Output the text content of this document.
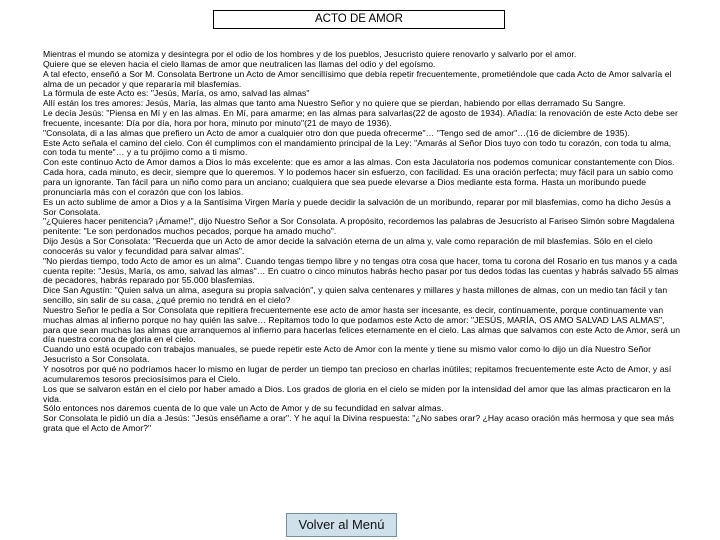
ACTO DE AMOR

Mientras el mundo se atomiza y desintegra por el odio de los hombres y de los pueblos, Jesucristo quiere renovarlo y salvarlo por el amor.

Quiere que se eleven hacia el cielo llamas de amor que neutralicen las llamas del odio y del egoísmo.

A tal efecto, enseñó a Sor M. Consolata Bertrone un Acto de Amor sencillísimo que debía repetir frecuentemente, prometiéndole que cada Acto de Amor salvaría el alma de un pecador y que repararía mil blasfemias.

La fórmula de este Acto es: "Jesús, María, os amo, salvad las almas"

Allí están los tres amores: Jesús, María, las almas que tanto ama Nuestro Señor y no quiere que se pierdan, habiendo por ellas derramado Su Sangre.

Le decía Jesús: "Piensa en Mí y en las almas. En Mí, para amarme; en las almas para salvarlas(22 de agosto de 1934). Añadía: la renovación de este Acto debe ser frecuente, incesante: Día por día, hora por hora, minuto por minuto"(21 de mayo de 1936).

"Consolata, di a las almas que prefiero un Acto de amor a cualquier otro don que pueda ofrecerme"… "Tengo sed de amor"…(16 de diciembre de 1935).

Este Acto señala el camino del cielo. Con él cumplimos con el mandamiento principal de la Ley: "Amarás al Señor Dios tuyo con todo tu corazón, con toda tu alma, con toda tu mente"… y a tu prójimo como a ti mismo.

Con este continuo Acto de Amor damos a Dios lo más excelente: que es amor a las almas. Con esta Jaculatoria nos podemos comunicar constantemente con Dios. Cada hora, cada minuto, es decir, siempre que lo queremos. Y lo podemos hacer sin esfuerzo, con facilidad. Es una oración perfecta; muy fácil para un sabio como para un ignorante. Tan fácil para un niño como para un anciano; cualquiera que sea puede elevarse a Dios mediante esta forma. Hasta un moribundo puede pronunciarla más con el corazón que con los labios.

Es un acto sublime de amor a Dios y a la Santísima Virgen María y puede decidir la salvación de un moribundo, reparar por mil blasfemias, como ha dicho Jesús a Sor Consolata.

"¿Quieres hacer penitencia? ¡Ámame!", dijo Nuestro Señor a Sor Consolata. A propósito, recordemos las palabras de Jesucristo al Fariseo Simón sobre Magdalena penitente: "Le son perdonados muchos pecados, porque ha amado mucho".

Dijo Jesús a Sor Consolata: "Recuerda que un Acto de amor decide la salvación eterna de un alma y, vale como reparación de mil blasfemias. Sólo en el cielo conocerás su valor y fecundidad para salvar almas".

"No pierdas tiempo, todo Acto de amor es un alma". Cuando tengas tiempo libre y no tengas otra cosa que hacer, toma tu corona del Rosario en tus manos y a cada cuenta repite: "Jesús, María, os amo, salvad las almas"… En cuatro o cinco minutos habrás hecho pasar por tus dedos todas las cuentas y habrás salvado 55 almas de pecadores, habrás reparado por 55.000 blasfemias.

Dice San Agustín: "Quien salva un alma, asegura su propia salvación", y quien salva centenares y millares y hasta millones de almas, con un medio tan fácil y tan sencillo, sin salir de su casa, ¿qué premio no tendrá en el cielo?

Nuestro Señor le pedía a Sor Consolata que repitiera frecuentemente ese acto de amor hasta ser incesante, es decir, continuamente, porque continuamente van muchas almas al infierno porque no hay quién las salve… Repitamos todo lo que podamos este Acto de amor: "JESÚS, MARÍA, OS AMO SALVAD LAS ALMAS", para que sean muchas las almas que arranquemos al infierno para hacerlas felices eternamente en el cielo. Las almas que salvamos con este Acto de Amor, será un día nuestra corona de gloria en el cielo.

Cuando uno está ocupado con trabajos manuales, se puede repetir este Acto de Amor con la mente y tiene su mismo valor como lo dijo un día Nuestro Señor Jesucristo a Sor Consolata.

Y nosotros por qué no podríamos hacer lo mismo en lugar de perder un tiempo tan precioso en charlas inútiles; repitamos frecuentemente este Acto de Amor, y así acumularemos tesoros preciosísimos para el Cielo.

Los que se salvaron están en el cielo por haber amado a Dios. Los grados de gloria en el cielo se miden por la intensidad del amor que las almas practicaron en la vida.

Sólo entonces nos daremos cuenta de lo que vale un Acto de Amor y de su fecundidad en salvar almas.

Sor Consolata le pidió un día a Jesús: "Jesús enséñame a orar". Y he aquí la Divina respuesta: "¿No sabes orar? ¿Hay acaso oración más hermosa y que sea más grata que el Acto de Amor?"

Volver al Menú
